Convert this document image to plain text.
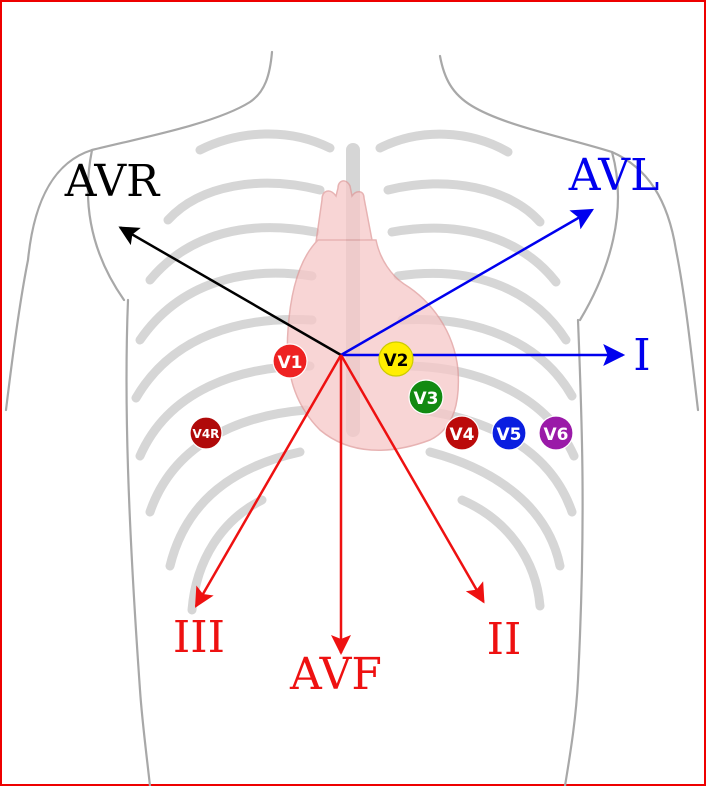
AVR	AVL
I
II
AVF
III
V1	V2
V3
V4 V5 V6
V4R
